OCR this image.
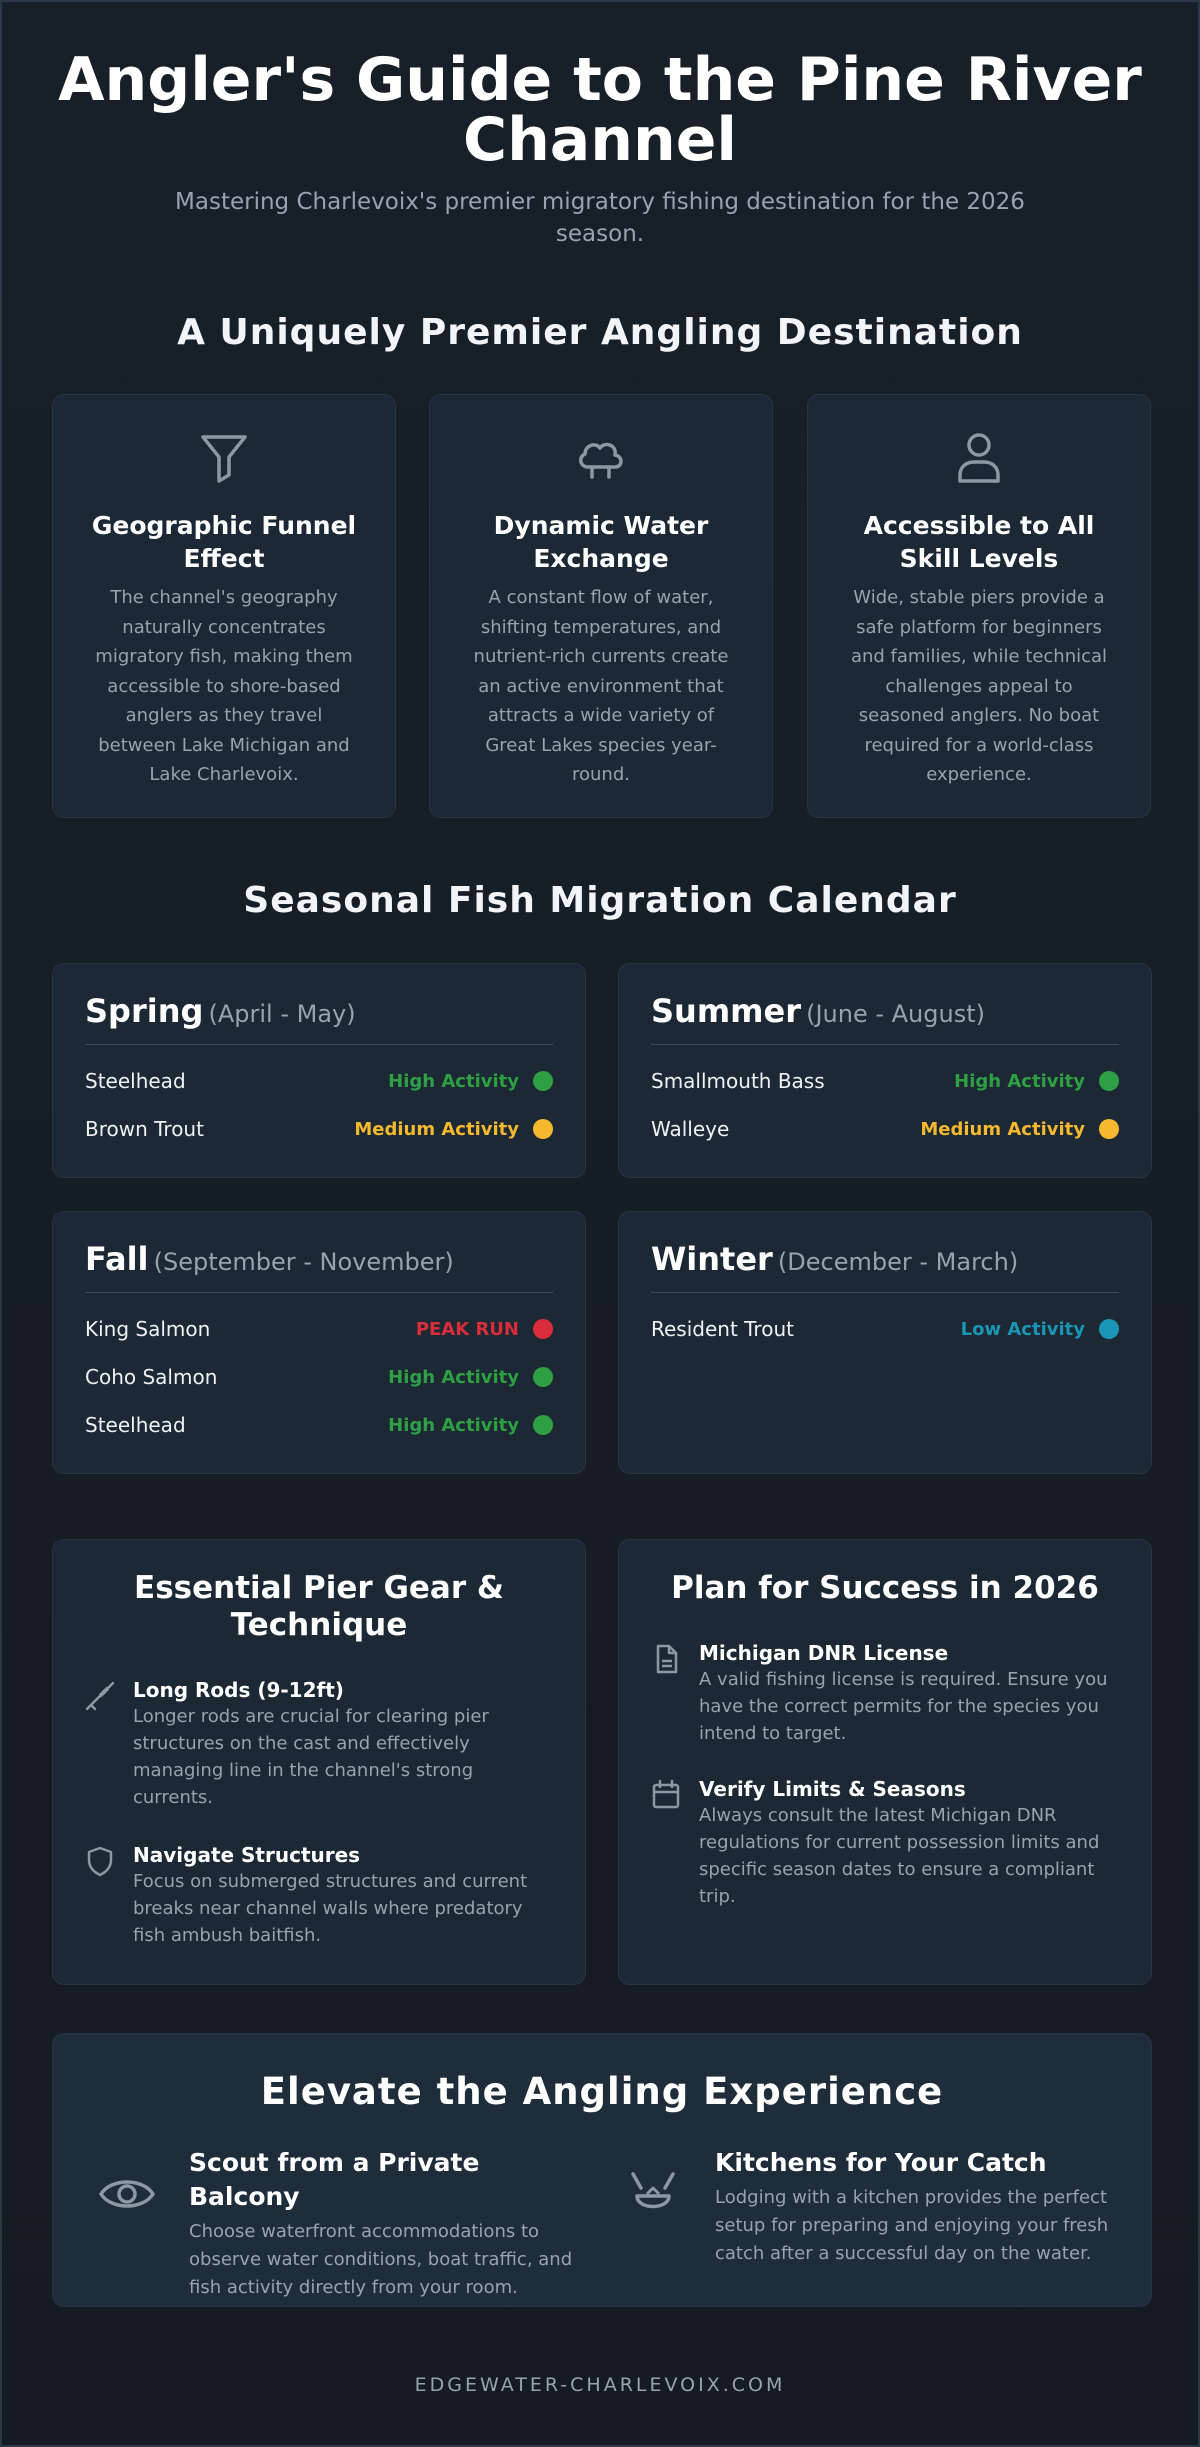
Angler's Guide to the Pine River Channel

Mastering Charlevoix's premier migratory fishing destination for the 2026 season.

A Uniquely Premier Angling Destination
Geographic Funnel Effect

The channel's geography naturally concentrates migratory fish, making them accessible to shore-based anglers as they travel between Lake Michigan and Lake Charlevoix.

Dynamic Water Exchange

A constant flow of water, shifting temperatures, and nutrient-rich currents create an active environment that attracts a wide variety of Great Lakes species year-round.

Accessible to All Skill Levels

Wide, stable piers provide a safe platform for beginners and families, while technical challenges appeal to seasoned anglers. No boat required for a world-class experience.

Seasonal Fish Migration Calendar
Spring (April - May)
Steelhead	High Activity
Brown Trout	Medium Activity
Summer (June - August)
Smallmouth Bass	High Activity
Walleye	Medium Activity
Fall (September - November)
King Salmon	PEAK RUN
Coho Salmon	High Activity
Steelhead	High Activity
Winter (December - March)
Resident Trout	Low Activity
Essential Pier Gear & Technique
Long Rods (9-12ft)

Longer rods are crucial for clearing pier structures on the cast and effectively managing line in the channel's strong currents.

Navigate Structures

Focus on submerged structures and current breaks near channel walls where predatory fish ambush baitfish.

Plan for Success in 2026
Michigan DNR License

A valid fishing license is required. Ensure you have the correct permits for the species you intend to target.

Verify Limits & Seasons

Always consult the latest Michigan DNR regulations for current possession limits and specific season dates to ensure a compliant trip.

Elevate the Angling Experience
Scout from a Private Balcony

Choose waterfront accommodations to observe water conditions, boat traffic, and fish activity directly from your room.

Kitchens for Your Catch

Lodging with a kitchen provides the perfect setup for preparing and enjoying your fresh catch after a successful day on the water.

EDGEWATER-CHARLEVOIX.COM
